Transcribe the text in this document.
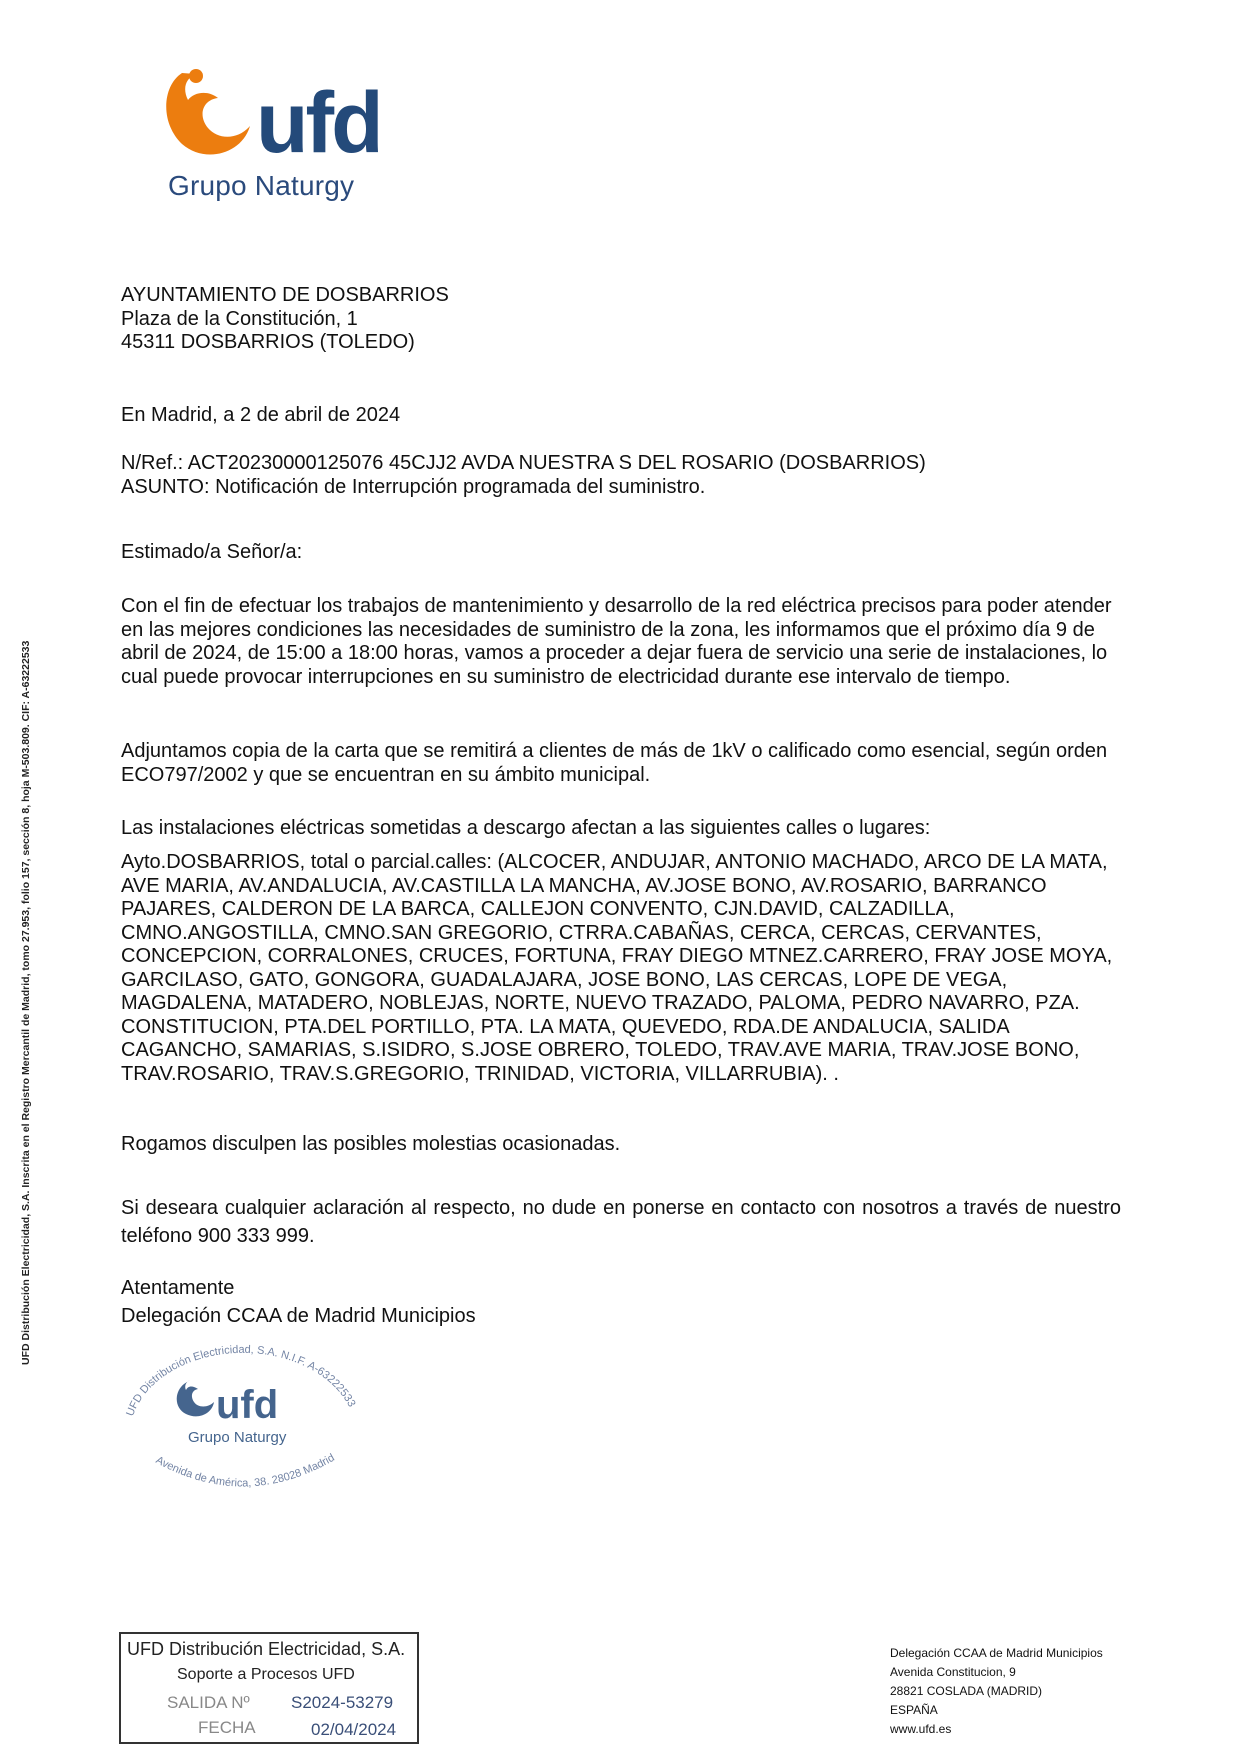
ufd
Grupo Naturgy
AYUNTAMIENTO DE DOSBARRIOS
Plaza de la Constitución, 1
45311 DOSBARRIOS (TOLEDO)
En Madrid, a 2 de abril de 2024
N/Ref.: ACT20230000125076 45CJJ2 AVDA NUESTRA S DEL ROSARIO (DOSBARRIOS)
ASUNTO: Notificación de Interrupción programada del suministro.
Estimado/a Señor/a:

Con el fin de efectuar los trabajos de mantenimiento y desarrollo de la red eléctrica precisos para poder atender en las mejores condiciones las necesidades de suministro de la zona, les informamos que el próximo día 9 de abril de 2024, de 15:00 a 18:00 horas, vamos a proceder a dejar fuera de servicio una serie de instalaciones, lo cual puede provocar interrupciones en su suministro de electricidad durante ese intervalo de tiempo.

Adjuntamos copia de la carta que se remitirá a clientes de más de 1kV o calificado como esencial, según orden ECO797/2002 y que se encuentran en su ámbito municipal.

Las instalaciones eléctricas sometidas a descargo afectan a las siguientes calles o lugares:

Ayto.DOSBARRIOS, total o parcial.calles: (ALCOCER, ANDUJAR, ANTONIO MACHADO, ARCO DE LA MATA, AVE MARIA, AV.ANDALUCIA, AV.CASTILLA LA MANCHA, AV.JOSE BONO, AV.ROSARIO, BARRANCO PAJARES, CALDERON DE LA BARCA, CALLEJON CONVENTO, CJN.DAVID, CALZADILLA, CMNO.ANGOSTILLA, CMNO.SAN GREGORIO, CTRRA.CABAÑAS, CERCA, CERCAS, CERVANTES, CONCEPCION, CORRALONES, CRUCES, FORTUNA, FRAY DIEGO MTNEZ.CARRERO, FRAY JOSE MOYA, GARCILASO, GATO, GONGORA, GUADALAJARA, JOSE BONO, LAS CERCAS, LOPE DE VEGA, MAGDALENA, MATADERO, NOBLEJAS, NORTE, NUEVO TRAZADO, PALOMA, PEDRO NAVARRO, PZA. CONSTITUCION, PTA.DEL PORTILLO, PTA. LA MATA, QUEVEDO, RDA.DE ANDALUCIA, SALIDA CAGANCHO, SAMARIAS, S.ISIDRO, S.JOSE OBRERO, TOLEDO, TRAV.AVE MARIA, TRAV.JOSE BONO, TRAV.ROSARIO, TRAV.S.GREGORIO, TRINIDAD, VICTORIA, VILLARRUBIA). .

Rogamos disculpen las posibles molestias ocasionadas.

Si deseara cualquier aclaración al respecto, no dude en ponerse en contacto con nosotros a través de nuestro teléfono 900 333 999.

Atentamente
Delegación CCAA de Madrid Municipios
UFD Distribución Electricidad, S.A. Inscrita en el Registro Mercantil de Madrid, tomo 27.953, folio 157, sección 8, hoja M-503.809. CIF: A-63222533
UFD Distribución Electricidad, S.A. N.I.F. A-63222533
Avenida de América, 38. 28028 Madrid
ufd
Grupo Naturgy
UFD Distribución Electricidad, S.A.
Soporte a Procesos UFD
SALIDA Nº S2024-53279
FECHA	02/04/2024
Delegación CCAA de Madrid Municipios
Avenida Constitucion, 9
28821 COSLADA (MADRID)
ESPAÑA
www.ufd.es
